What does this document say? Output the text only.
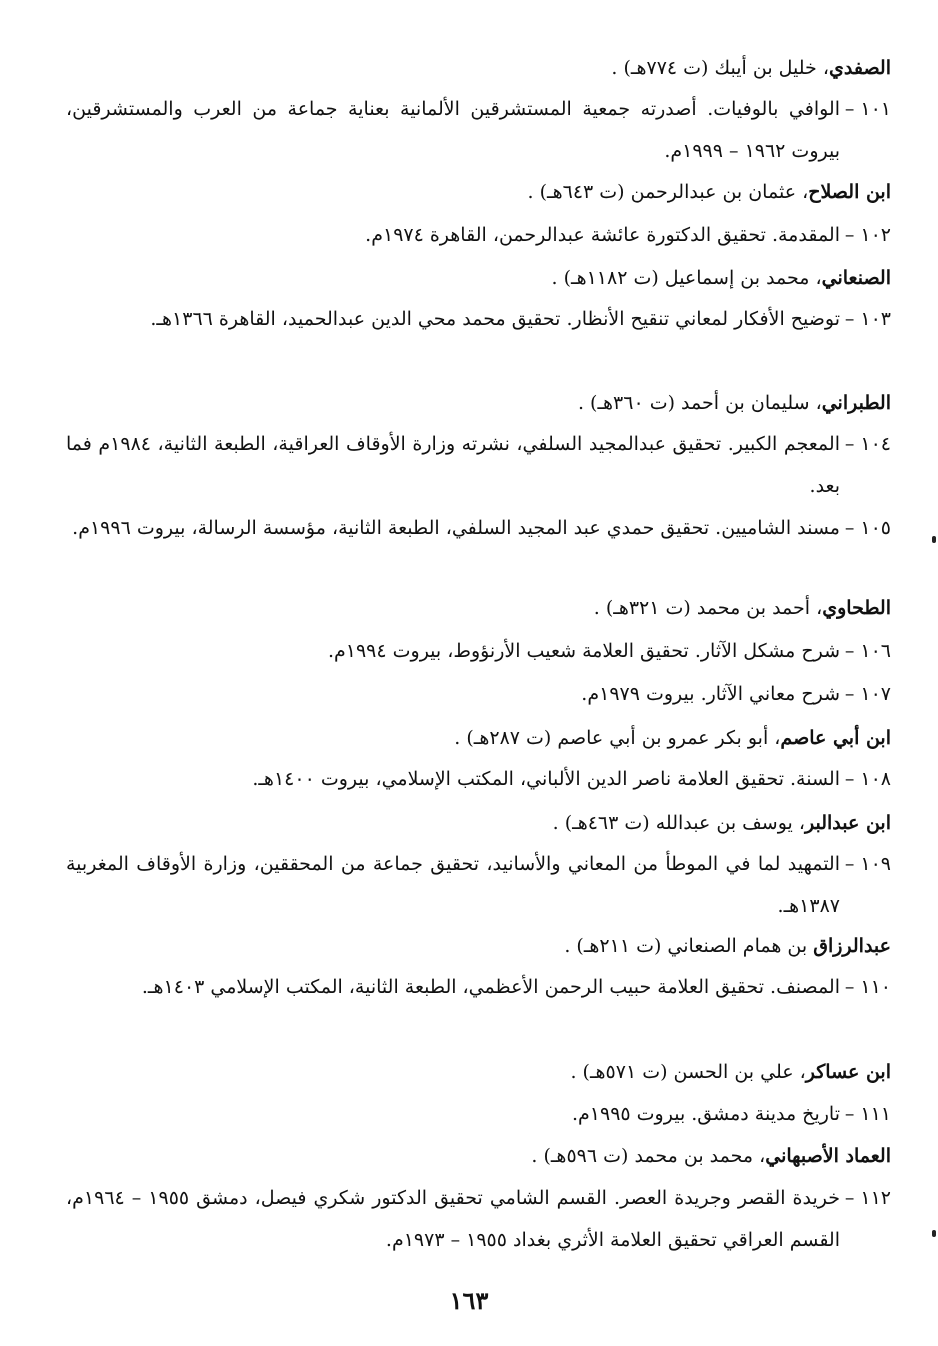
الصفدي، خليل بن أيبك (ت ٧٧٤هـ) .
١٠١ –
الوافي بالوفيات. أصدرته جمعية المستشرقين الألمانية بعناية جماعة من العرب والمستشرقين، بيروت ١٩٦٢ – ١٩٩٩م.
ابن الصلاح، عثمان بن عبدالرحمن (ت ٦٤٣هـ) .
١٠٢ –
المقدمة. تحقيق الدكتورة عائشة عبدالرحمن، القاهرة ١٩٧٤م.
الصنعاني، محمد بن إسماعيل (ت ١١٨٢هـ) .
١٠٣ –
توضيح الأفكار لمعاني تنقيح الأنظار. تحقيق محمد محي الدين عبدالحميد، القاهرة ١٣٦٦هـ.
الطبراني، سليمان بن أحمد (ت ٣٦٠هـ) .
١٠٤ –
المعجم الكبير. تحقيق عبدالمجيد السلفي، نشرته وزارة الأوقاف العراقية، الطبعة الثانية، ١٩٨٤م فما بعد.
١٠٥ –
مسند الشاميين. تحقيق حمدي عبد المجيد السلفي، الطبعة الثانية، مؤسسة الرسالة، بيروت ١٩٩٦م.
الطحاوي، أحمد بن محمد (ت ٣٢١هـ) .
١٠٦ –
شرح مشكل الآثار. تحقيق العلامة شعيب الأرنؤوط، بيروت ١٩٩٤م.
١٠٧ –
شرح معاني الآثار. بيروت ١٩٧٩م.
ابن أبي عاصم، أبو بكر عمرو بن أبي عاصم (ت ٢٨٧هـ) .
١٠٨ –
السنة. تحقيق العلامة ناصر الدين الألباني، المكتب الإسلامي، بيروت ١٤٠٠هـ.
ابن عبدالبر، يوسف بن عبدالله (ت ٤٦٣هـ) .
١٠٩ –
التمهيد لما في الموطأ من المعاني والأسانيد، تحقيق جماعة من المحققين، وزارة الأوقاف المغربية ١٣٨٧هـ.
عبدالرزاق بن همام الصنعاني (ت ٢١١هـ) .
١١٠ –
المصنف. تحقيق العلامة حبيب الرحمن الأعظمي، الطبعة الثانية، المكتب الإسلامي ١٤٠٣هـ.
ابن عساكر، علي بن الحسن (ت ٥٧١هـ) .
١١١ –
تاريخ مدينة دمشق. بيروت ١٩٩٥م.
العماد الأصبهاني، محمد بن محمد (ت ٥٩٦هـ) .
١١٢ –
خريدة القصر وجريدة العصر. القسم الشامي تحقيق الدكتور شكري فيصل، دمشق ١٩٥٥ – ١٩٦٤م، القسم العراقي تحقيق العلامة الأثري بغداد ١٩٥٥ – ١٩٧٣م.
١٦٣
